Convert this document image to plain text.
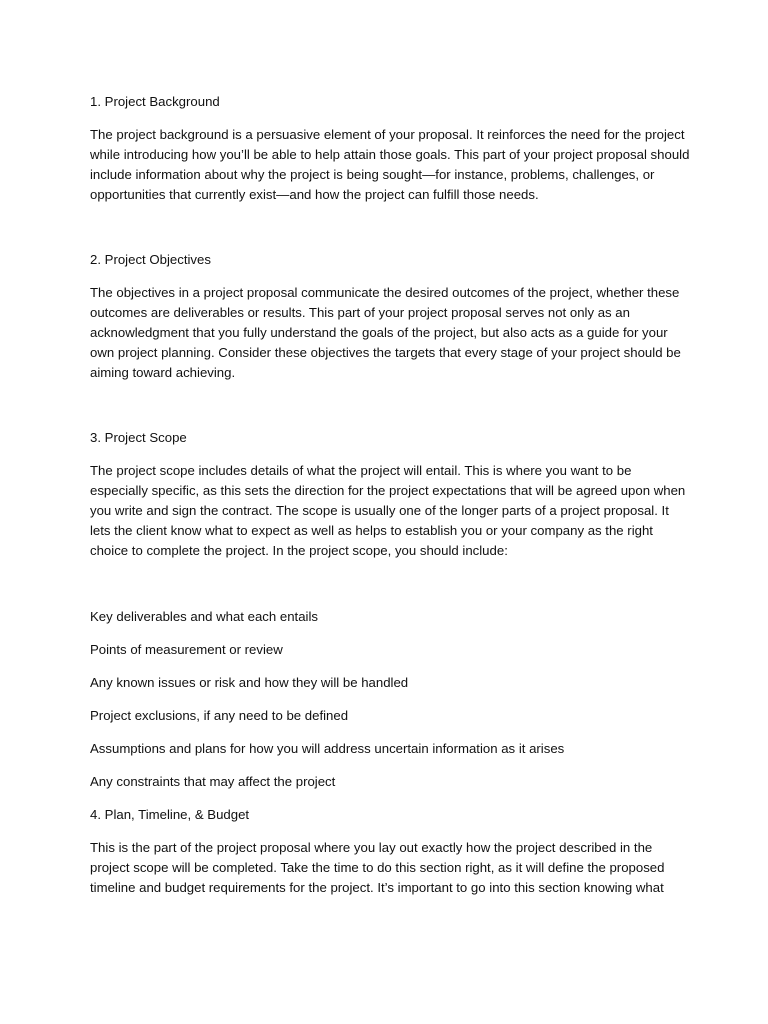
1. Project Background

The project background is a persuasive element of your proposal. It reinforces the need for the project while introducing how you’ll be able to help attain those goals. This part of your project proposal should include information about why the project is being sought—for instance, problems, challenges, or opportunities that currently exist—and how the project can fulfill those needs.

2. Project Objectives

The objectives in a project proposal communicate the desired outcomes of the project, whether these outcomes are deliverables or results. This part of your project proposal serves not only as an acknowledgment that you fully understand the goals of the project, but also acts as a guide for your own project planning. Consider these objectives the targets that every stage of your project should be aiming toward achieving.

3. Project Scope

The project scope includes details of what the project will entail. This is where you want to be especially specific, as this sets the direction for the project expectations that will be agreed upon when you write and sign the contract. The scope is usually one of the longer parts of a project proposal. It lets the client know what to expect as well as helps to establish you or your company as the right choice to complete the project. In the project scope, you should include:

Key deliverables and what each entails

Points of measurement or review

Any known issues or risk and how they will be handled

Project exclusions, if any need to be defined

Assumptions and plans for how you will address uncertain information as it arises

Any constraints that may affect the project

4. Plan, Timeline, & Budget

This is the part of the project proposal where you lay out exactly how the project described in the project scope will be completed. Take the time to do this section right, as it will define the proposed timeline and budget requirements for the project. It’s important to go into this section knowing what
